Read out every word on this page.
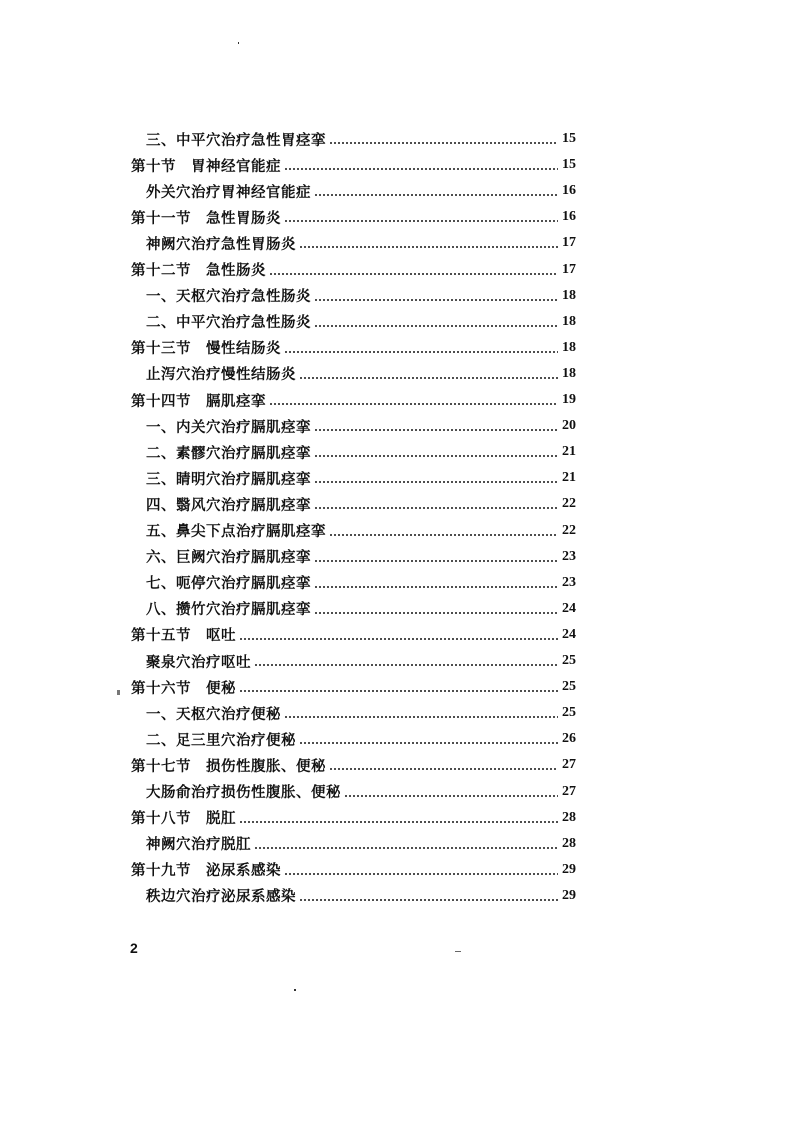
三、中平穴治疗急性胃痉挛	15
第十节　胃神经官能症	15
外关穴治疗胃神经官能症	16
第十一节　急性胃肠炎	16
神阙穴治疗急性胃肠炎	17
第十二节　急性肠炎	17
一、天枢穴治疗急性肠炎	18
二、中平穴治疗急性肠炎	18
第十三节　慢性结肠炎	18
止泻穴治疗慢性结肠炎	18
第十四节　膈肌痉挛	19
一、内关穴治疗膈肌痉挛	20
二、素髎穴治疗膈肌痉挛	21
三、睛明穴治疗膈肌痉挛	21
四、翳风穴治疗膈肌痉挛	22
五、鼻尖下点治疗膈肌痉挛	22
六、巨阙穴治疗膈肌痉挛	23
七、呃停穴治疗膈肌痉挛	23
八、攒竹穴治疗膈肌痉挛	24
第十五节　呕吐	24
聚泉穴治疗呕吐	25
第十六节　便秘	25
一、天枢穴治疗便秘	25
二、足三里穴治疗便秘	26
第十七节　损伤性腹胀、便秘	27
大肠俞治疗损伤性腹胀、便秘	27
第十八节　脱肛	28
神阙穴治疗脱肛	28
第十九节　泌尿系感染	29
秩边穴治疗泌尿系感染	29
2
